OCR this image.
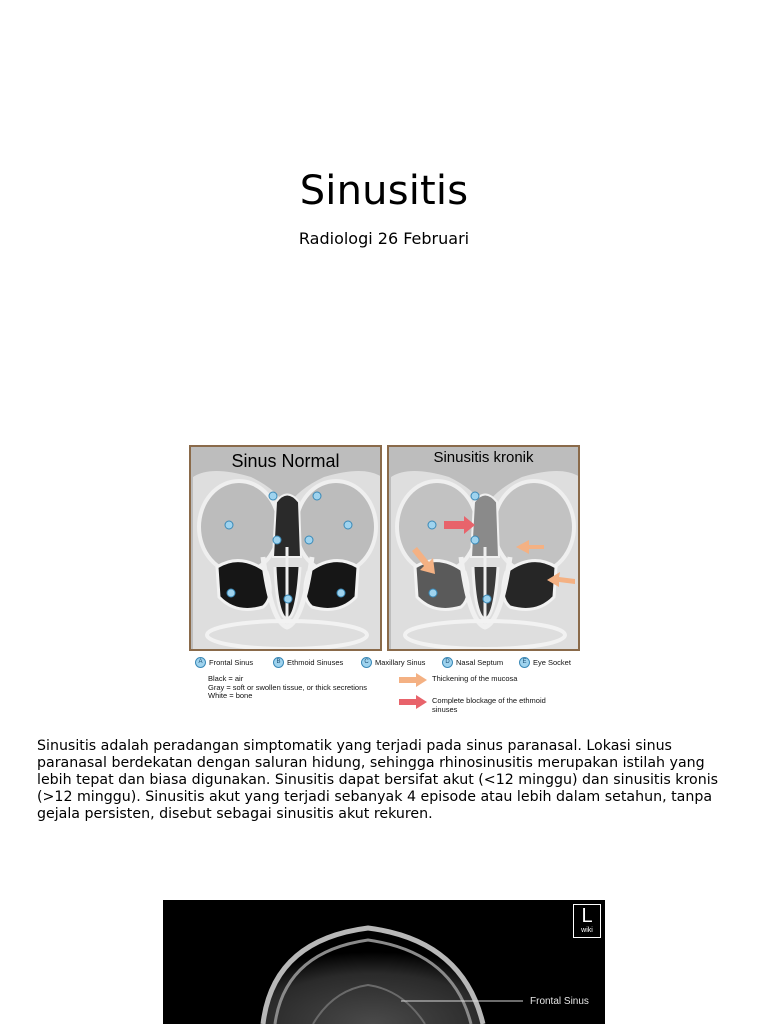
Sinusitis
Radiologi 26 Februari
Sinus Normal	Sinusitis kronik
A Frontal Sinus	B Ethmoid Sinuses	C Maxillary Sinus	D Nasal Septum	E Eye Socket
Black = air
Gray = soft or swollen tissue, or thick secretions
White = bone
Thickening of the mucosa
Complete blockage of the ethmoid
sinuses
Sinusitis adalah peradangan simptomatik yang terjadi pada sinus paranasal. Lokasi sinus paranasal berdekatan dengan saluran hidung, sehingga rhinosinusitis merupakan istilah yang lebih tepat dan biasa digunakan. Sinusitis dapat bersifat akut (<12 minggu) dan sinusitis kronis (>12 minggu). Sinusitis akut yang terjadi sebanyak 4 episode atau lebih dalam setahun, tanpa gejala persisten, disebut sebagai sinusitis akut rekuren.
L
wiki
Frontal Sinus
